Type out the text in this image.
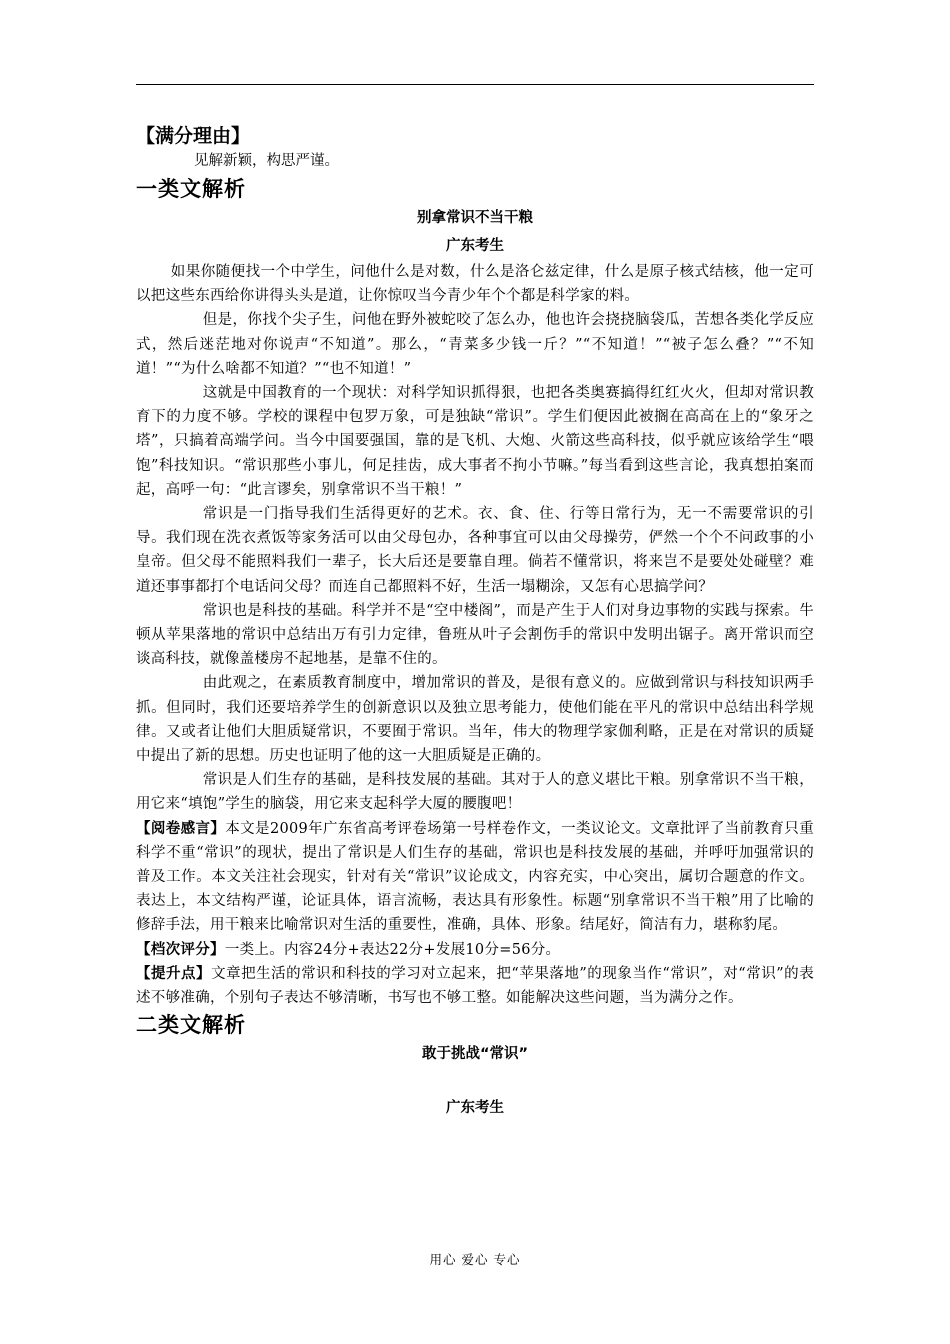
【满分理由】
见解新颖，构思严谨。
一类文解析
别拿常识不当干粮
广东考生
如果你随便找一个中学生，问他什么是对数，什么是洛仑兹定律，什么是原子核式结核，他一定可以把这些东西给你讲得头头是道，让你惊叹当今青少年个个都是科学家的料。
但是，你找个尖子生，问他在野外被蛇咬了怎么办，他也许会挠挠脑袋瓜，苦想各类化学反应式，然后迷茫地对你说声“不知道”。那么，“青菜多少钱一斤？”“不知道！”“被子怎么叠？”“不知道！”“为什么啥都不知道？”“也不知道！”
这就是中国教育的一个现状：对科学知识抓得狠，也把各类奥赛搞得红红火火，但却对常识教育下的力度不够。学校的课程中包罗万象，可是独缺“常识”。学生们便因此被搁在高高在上的“象牙之塔”，只搞着高端学问。当今中国要强国，靠的是飞机、大炮、火箭这些高科技，似乎就应该给学生“喂饱”科技知识。“常识那些小事儿，何足挂齿，成大事者不拘小节嘛。”每当看到这些言论，我真想拍案而起，高呼一句：“此言谬矣，别拿常识不当干粮！”
常识是一门指导我们生活得更好的艺术。衣、食、住、行等日常行为，无一不需要常识的引导。我们现在洗衣煮饭等家务活可以由父母包办，各种事宜可以由父母操劳，俨然一个个不问政事的小皇帝。但父母不能照料我们一辈子，长大后还是要靠自理。倘若不懂常识，将来岂不是要处处碰壁？难道还事事都打个电话问父母？而连自己都照料不好，生活一塌糊涂，又怎有心思搞学问？
常识也是科技的基础。科学并不是“空中楼阁”，而是产生于人们对身边事物的实践与探索。牛顿从苹果落地的常识中总结出万有引力定律，鲁班从叶子会割伤手的常识中发明出锯子。离开常识而空谈高科技，就像盖楼房不起地基，是靠不住的。
由此观之，在素质教育制度中，增加常识的普及，是很有意义的。应做到常识与科技知识两手抓。但同时，我们还要培养学生的创新意识以及独立思考能力，使他们能在平凡的常识中总结出科学规律。又或者让他们大胆质疑常识，不要囿于常识。当年，伟大的物理学家伽利略，正是在对常识的质疑中提出了新的思想。历史也证明了他的这一大胆质疑是正确的。
常识是人们生存的基础，是科技发展的基础。其对于人的意义堪比干粮。别拿常识不当干粮，用它来“填饱”学生的脑袋，用它来支起科学大厦的腰腹吧！
【阅卷感言】本文是2009年广东省高考评卷场第一号样卷作文，一类议论文。文章批评了当前教育只重科学不重“常识”的现状，提出了常识是人们生存的基础，常识也是科技发展的基础，并呼吁加强常识的普及工作。本文关注社会现实，针对有关“常识”议论成文，内容充实，中心突出，属切合题意的作文。表达上，本文结构严谨，论证具体，语言流畅，表达具有形象性。标题“别拿常识不当干粮”用了比喻的修辞手法，用干粮来比喻常识对生活的重要性，准确，具体、形象。结尾好，简洁有力，堪称豹尾。
【档次评分】一类上。内容24分+表达22分+发展10分=56分。
【提升点】文章把生活的常识和科技的学习对立起来，把“苹果落地”的现象当作“常识”，对“常识”的表述不够准确，个别句子表达不够清晰，书写也不够工整。如能解决这些问题，当为满分之作。
二类文解析
敢于挑战“常识”
广东考生
用心 爱心 专心
